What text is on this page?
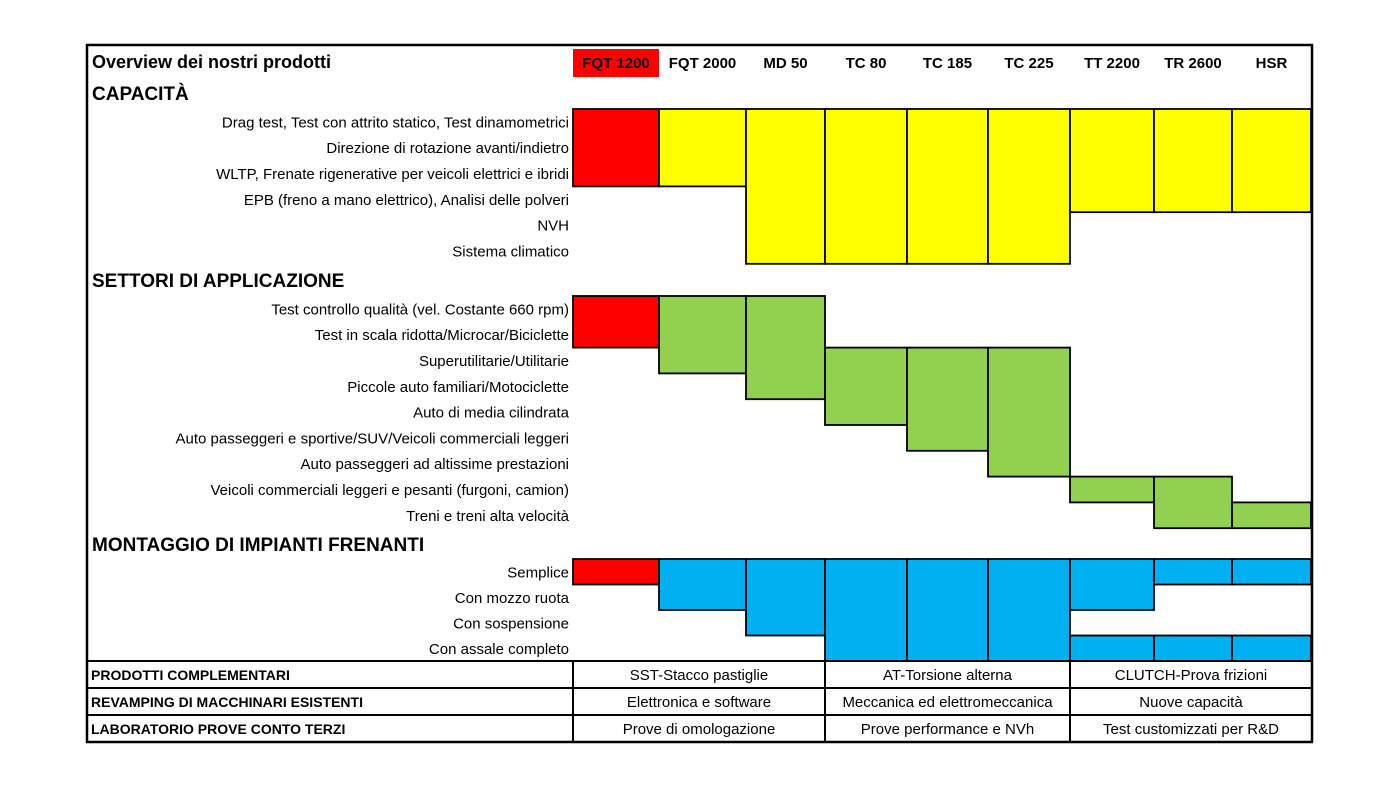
Overview dei nostri prodotti	FQT 1200 FQT 2000 MD 50	TC 80 TC 185 TC 225 TT 2200 TR 2600 HSR
CAPACITÀ
Drag test, Test con attrito statico, Test dinamometrici
Direzione di rotazione avanti/indietro
WLTP, Frenate rigenerative per veicoli elettrici e ibridi
EPB (freno a mano elettrico), Analisi delle polveri
NVH
Sistema climatico
SETTORI DI APPLICAZIONE
Test controllo qualità (vel. Costante 660 rpm)
Test in scala ridotta/Microcar/Biciclette
Superutilitarie/Utilitarie
Piccole auto familiari/Motociclette
Auto di media cilindrata
Auto passeggeri e sportive/SUV/Veicoli commerciali leggeri
Auto passeggeri ad altissime prestazioni
Veicoli commerciali leggeri e pesanti (furgoni, camion)
Treni e treni alta velocità
MONTAGGIO DI IMPIANTI FRENANTI
Semplice
Con mozzo ruota
Con sospensione
Con assale completo
PRODOTTI COMPLEMENTARI	SST-Stacco pastiglie	AT-Torsione alterna	CLUTCH-Prova frizioni
REVAMPING DI MACCHINARI ESISTENTI	Elettronica e software	Meccanica ed elettromeccanica	Nuove capacità
LABORATORIO PROVE CONTO TERZI	Prove di omologazione	Prove performance e NVh	Test customizzati per R&D
